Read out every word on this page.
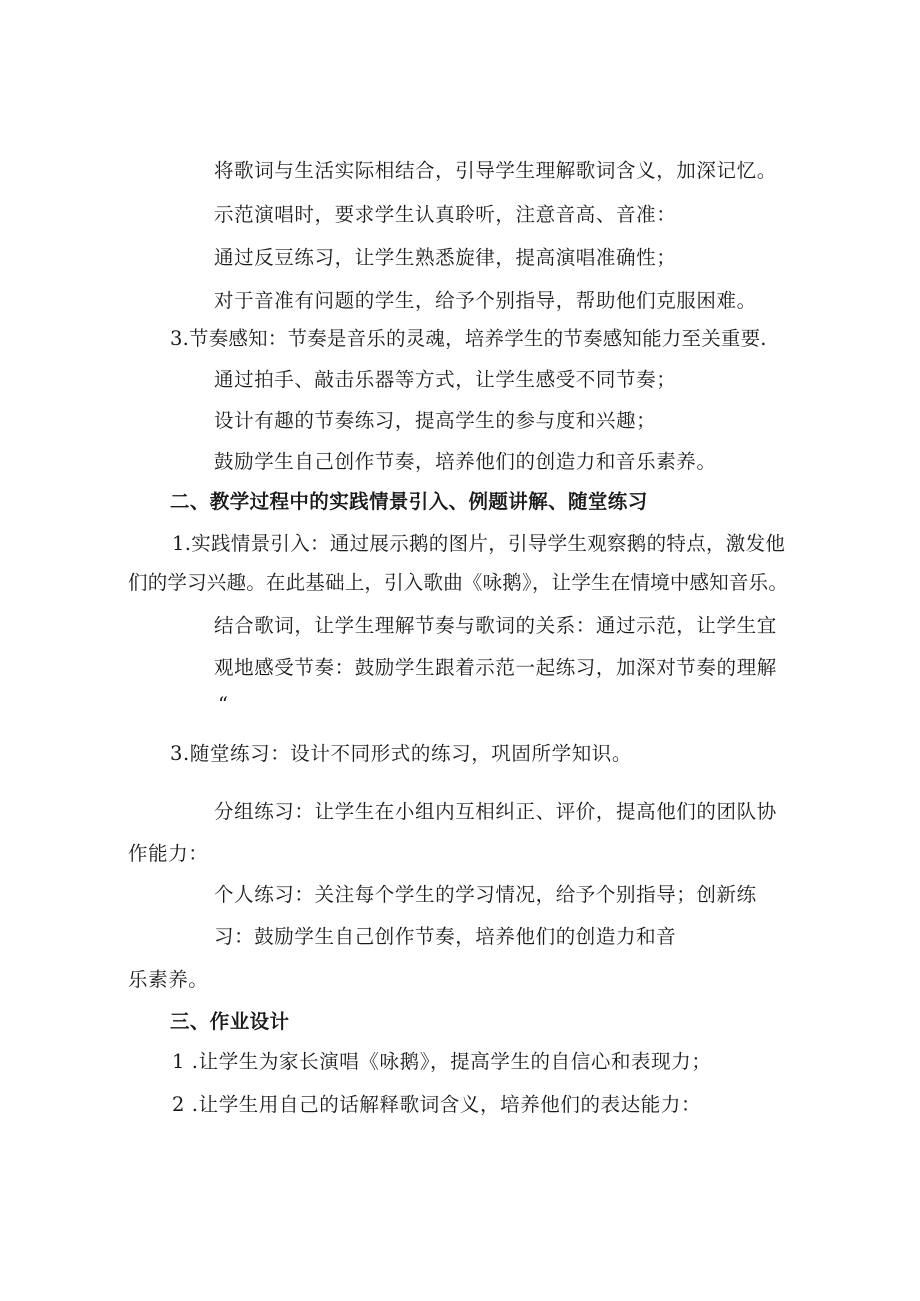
将歌词与生活实际相结合，引导学生理解歌词含义，加深记忆。
示范演唱时，要求学生认真聆听，注意音高、音准：
通过反豆练习，让学生熟悉旋律，提高演唱准确性；
对于音准有问题的学生，给予个别指导，帮助他们克服困难。
3.节奏感知：节奏是音乐的灵魂，培养学生的节奏感知能力至关重要.
通过拍手、敲击乐器等方式，让学生感受不同节奏；
设计有趣的节奏练习，提高学生的参与度和兴趣；
鼓励学生自己创作节奏，培养他们的创造力和音乐素养。
二、教学过程中的实践情景引入、例题讲解、随堂练习
1.实践情景引入：通过展示鹅的图片，引导学生观察鹅的特点，激发他
们的学习兴趣。在此基础上，引入歌曲《咏鹅》，让学生在情境中感知音乐。
结合歌词，让学生理解节奏与歌词的关系：通过示范，让学生宜
观地感受节奏：鼓励学生跟着示范一起练习，加深对节奏的理解
“
3.随堂练习：设计不同形式的练习，巩固所学知识。
分组练习：让学生在小组内互相纠正、评价，提高他们的团队协
作能力：
个人练习：关注每个学生的学习情况，给予个别指导；创新练
习：鼓励学生自己创作节奏，培养他们的创造力和音
乐素养。
三、作业设计
1 .让学生为家长演唱《咏鹅》，提高学生的自信心和表现力；
2 .让学生用自己的话解释歌词含义，培养他们的表达能力：
